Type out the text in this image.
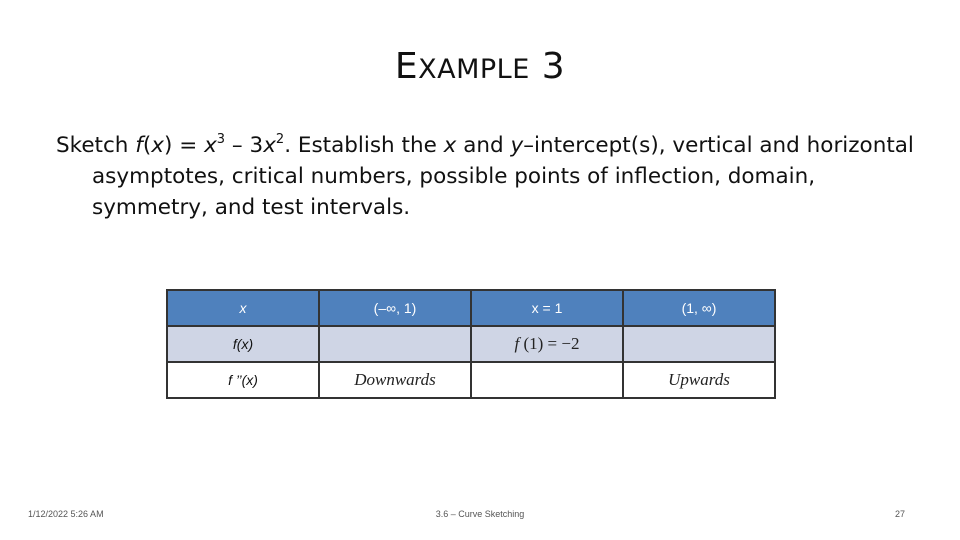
EXAMPLE 3

Sketch $f(x) = x^3 - 3x^2$. Establish the x and y–intercept(s), vertical and horizontal asymptotes, critical numbers, possible points of inflection, domain, symmetry, and test intervals.

x	(–∞, 1)	x = 1	(1, ∞)
f(x)		f (1) = −2	
f ’’(x)	Downwards		Upwards
1/12/2022 5:26 AM	3.6 – Curve Sketching	27
